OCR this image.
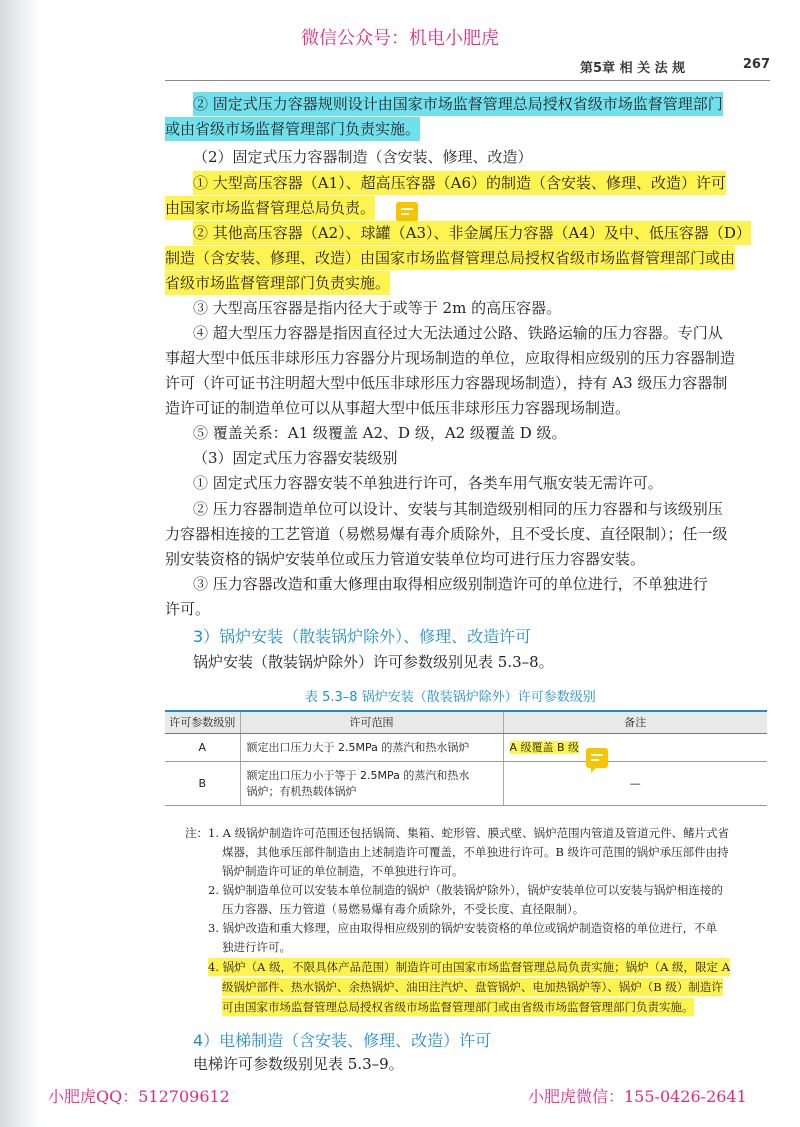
微信公众号：机电小肥虎
第5章 相 关 法 规	267
② 固定式压力容器规则设计由国家市场监督管理总局授权省级市场监督管理部门
或由省级市场监督管理部门负责实施。
（2）固定式压力容器制造（含安装、修理、改造）
① 大型高压容器（A1）、超高压容器（A6）的制造（含安装、修理、改造）许可
由国家市场监督管理总局负责。
② 其他高压容器（A2）、球罐（A3）、非金属压力容器（A4）及中、低压容器（D）
制造（含安装、修理、改造）由国家市场监督管理总局授权省级市场监督管理部门或由
省级市场监督管理部门负责实施。
③ 大型高压容器是指内径大于或等于 2m 的高压容器。
④ 超大型压力容器是指因直径过大无法通过公路、铁路运输的压力容器。专门从
事超大型中低压非球形压力容器分片现场制造的单位，应取得相应级别的压力容器制造
许可（许可证书注明超大型中低压非球形压力容器现场制造），持有 A3 级压力容器制
造许可证的制造单位可以从事超大型中低压非球形压力容器现场制造。
⑤ 覆盖关系：A1 级覆盖 A2、D 级，A2 级覆盖 D 级。
（3）固定式压力容器安装级别
① 固定式压力容器安装不单独进行许可，各类车用气瓶安装无需许可。
② 压力容器制造单位可以设计、安装与其制造级别相同的压力容器和与该级别压
力容器相连接的工艺管道（易燃易爆有毒介质除外，且不受长度、直径限制）；任一级
别安装资格的锅炉安装单位或压力管道安装单位均可进行压力容器安装。
③ 压力容器改造和重大修理由取得相应级别制造许可的单位进行，不单独进行
许可。
3）锅炉安装（散装锅炉除外）、修理、改造许可
锅炉安装（散装锅炉除外）许可参数级别见表 5.3–8。
表 5.3–8 锅炉安装（散装锅炉除外）许可参数级别
许可参数级别	许可范围	备注
A	额定出口压力大于 2.5MPa 的蒸汽和热水锅炉	A 级覆盖 B 级
B	额定出口压力小于等于 2.5MPa 的蒸汽和热水
锅炉；有机热载体锅炉	—
注：1. A 级锅炉制造许可范围还包括锅筒、集箱、蛇形管、膜式壁、锅炉范围内管道及管道元件、鳍片式省
煤器，其他承压部件制造由上述制造许可覆盖，不单独进行许可。B 级许可范围的锅炉承压部件由持
锅炉制造许可证的单位制造，不单独进行许可。
2. 锅炉制造单位可以安装本单位制造的锅炉（散装锅炉除外），锅炉安装单位可以安装与锅炉相连接的
压力容器、压力管道（易燃易爆有毒介质除外，不受长度、直径限制）。
3. 锅炉改造和重大修理，应由取得相应级别的锅炉安装资格的单位或锅炉制造资格的单位进行，不单
独进行许可。
4. 锅炉（A 级，不限具体产品范围）制造许可由国家市场监督管理总局负责实施；锅炉（A 级，限定 A
级锅炉部件、热水锅炉、余热锅炉、油田注汽炉、盘管锅炉、电加热锅炉等）、锅炉（B 级）制造许
可由国家市场监督管理总局授权省级市场监督管理部门或由省级市场监督管理部门负责实施。
4）电梯制造（含安装、修理、改造）许可
电梯许可参数级别见表 5.3–9。
小肥虎QQ：512709612	小肥虎微信：155-0426-2641
